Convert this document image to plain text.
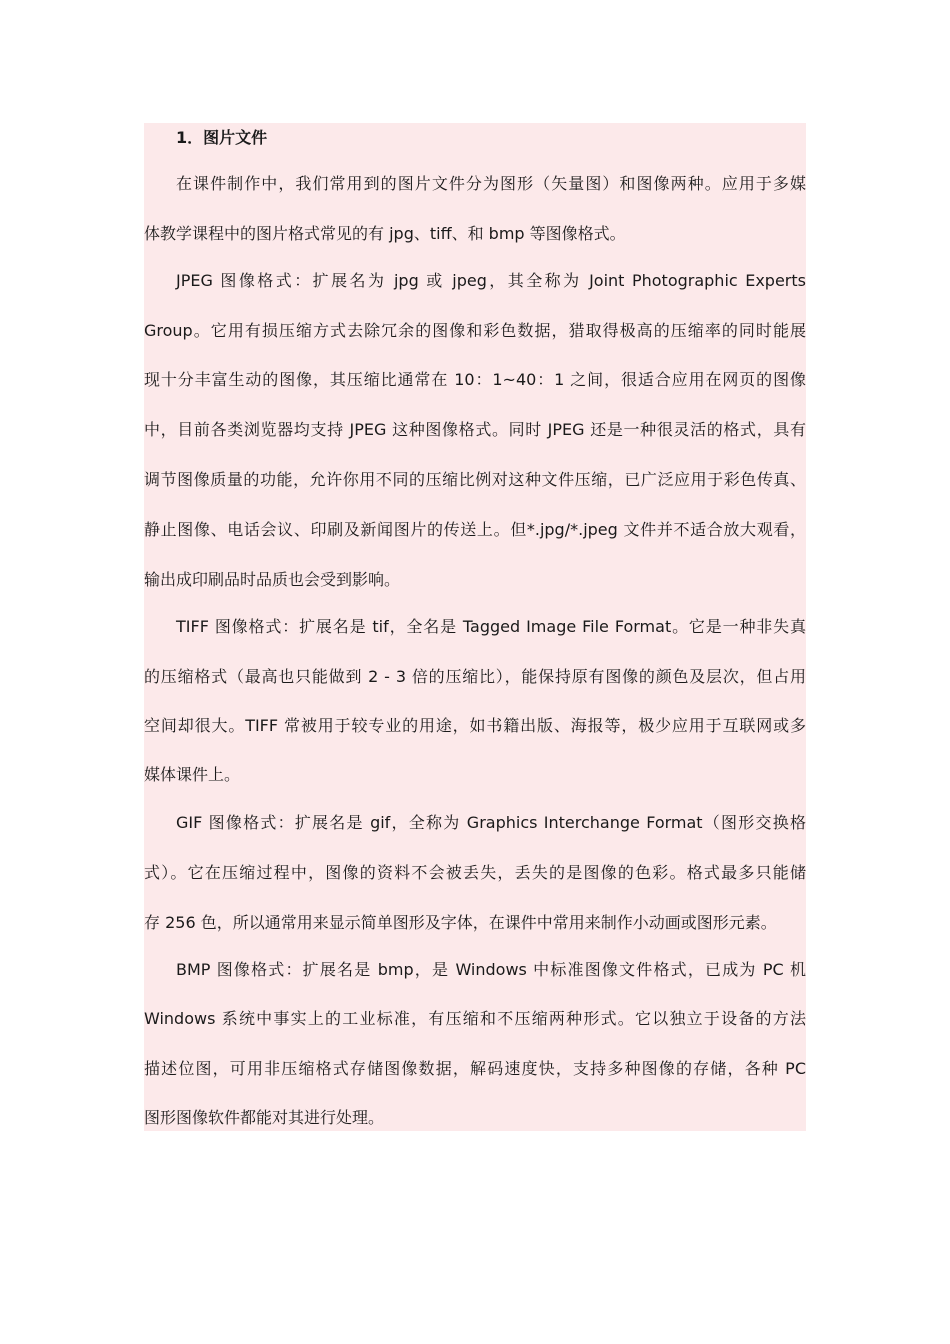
1．图片文件
在课件制作中，我们常用到的图片文件分为图形（矢量图）和图像两种。应用于多媒
体教学课程中的图片格式常见的有 jpg、tiff、和 bmp 等图像格式。
JPEG 图像格式：扩展名为 jpg 或 jpeg，其全称为 Joint Photographic Experts
Group。它用有损压缩方式去除冗余的图像和彩色数据，猎取得极高的压缩率的同时能展
现十分丰富生动的图像，其压缩比通常在 10：1~40：1 之间，很适合应用在网页的图像
中，目前各类浏览器均支持 JPEG 这种图像格式。同时 JPEG 还是一种很灵活的格式，具有
调节图像质量的功能，允许你用不同的压缩比例对这种文件压缩，已广泛应用于彩色传真、
静止图像、电话会议、印刷及新闻图片的传送上。但*.jpg/*.jpeg 文件并不适合放大观看，
输出成印刷品时品质也会受到影响。
TIFF 图像格式：扩展名是 tif，全名是 Tagged Image File Format。它是一种非失真
的压缩格式（最高也只能做到 2 - 3 倍的压缩比），能保持原有图像的颜色及层次，但占用
空间却很大。TIFF 常被用于较专业的用途，如书籍出版、海报等，极少应用于互联网或多
媒体课件上。
GIF 图像格式：扩展名是 gif，全称为 Graphics Interchange Format（图形交换格
式）。它在压缩过程中，图像的资料不会被丢失，丢失的是图像的色彩。格式最多只能储
存 256 色，所以通常用来显示简单图形及字体，在课件中常用来制作小动画或图形元素。
BMP 图像格式：扩展名是 bmp，是 Windows 中标准图像文件格式，已成为 PC 机
Windows 系统中事实上的工业标准，有压缩和不压缩两种形式。它以独立于设备的方法
描述位图，可用非压缩格式存储图像数据，解码速度快，支持多种图像的存储，各种 PC
图形图像软件都能对其进行处理。
